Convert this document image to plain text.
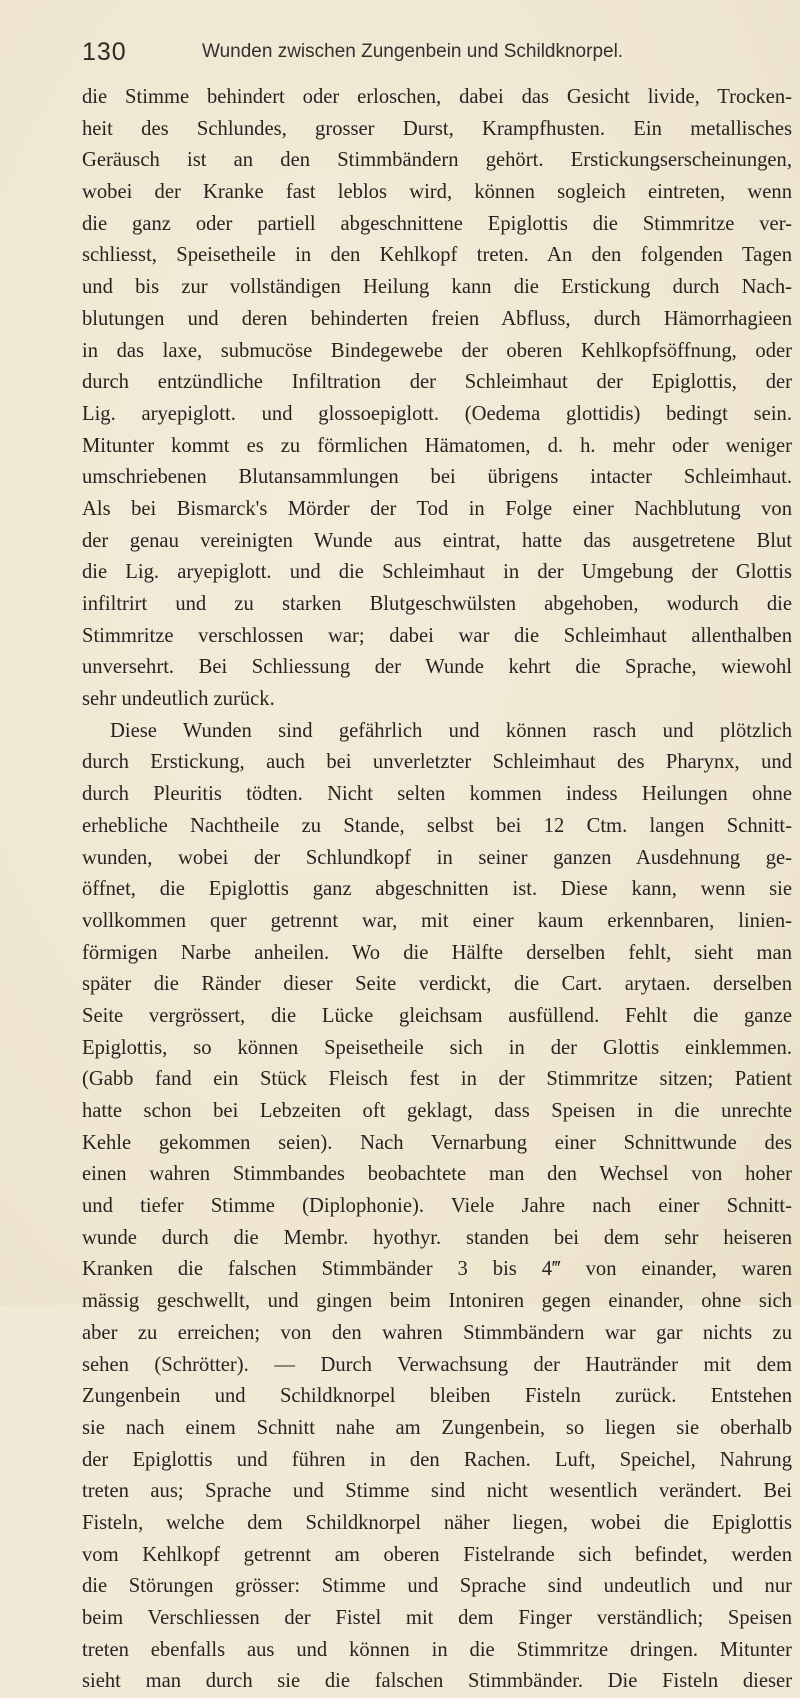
130	Wunden zwischen Zungenbein und Schildknorpel.
die Stimme behindert oder erloschen, dabei das Gesicht livide, Trocken-
heit des Schlundes, grosser Durst, Krampfhusten. Ein metallisches
Geräusch ist an den Stimmbändern gehört. Erstickungserscheinungen,
wobei der Kranke fast leblos wird, können sogleich eintreten, wenn
die ganz oder partiell abgeschnittene Epiglottis die Stimmritze ver-
schliesst, Speisetheile in den Kehlkopf treten. An den folgenden Tagen
und bis zur vollständigen Heilung kann die Erstickung durch Nach-
blutungen und deren behinderten freien Abfluss, durch Hämorrhagieen
in das laxe, submucöse Bindegewebe der oberen Kehlkopfsöffnung, oder
durch entzündliche Infiltration der Schleimhaut der Epiglottis, der
Lig. aryepiglott. und glossoepiglott. (Oedema glottidis) bedingt sein.
Mitunter kommt es zu förmlichen Hämatomen, d. h. mehr oder weniger
umschriebenen Blutansammlungen bei übrigens intacter Schleimhaut.
Als bei Bismarck's Mörder der Tod in Folge einer Nachblutung von
der genau vereinigten Wunde aus eintrat, hatte das ausgetretene Blut
die Lig. aryepiglott. und die Schleimhaut in der Umgebung der Glottis
infiltrirt und zu starken Blutgeschwülsten abgehoben, wodurch die
Stimmritze verschlossen war; dabei war die Schleimhaut allenthalben
unversehrt. Bei Schliessung der Wunde kehrt die Sprache, wiewohl
sehr undeutlich zurück.
Diese Wunden sind gefährlich und können rasch und plötzlich
durch Erstickung, auch bei unverletzter Schleimhaut des Pharynx, und
durch Pleuritis tödten. Nicht selten kommen indess Heilungen ohne
erhebliche Nachtheile zu Stande, selbst bei 12 Ctm. langen Schnitt-
wunden, wobei der Schlundkopf in seiner ganzen Ausdehnung ge-
öffnet, die Epiglottis ganz abgeschnitten ist. Diese kann, wenn sie
vollkommen quer getrennt war, mit einer kaum erkennbaren, linien-
förmigen Narbe anheilen. Wo die Hälfte derselben fehlt, sieht man
später die Ränder dieser Seite verdickt, die Cart. arytaen. derselben
Seite vergrössert, die Lücke gleichsam ausfüllend. Fehlt die ganze
Epiglottis, so können Speisetheile sich in der Glottis einklemmen.
(Gabb fand ein Stück Fleisch fest in der Stimmritze sitzen; Patient
hatte schon bei Lebzeiten oft geklagt, dass Speisen in die unrechte
Kehle gekommen seien). Nach Vernarbung einer Schnittwunde des
einen wahren Stimmbandes beobachtete man den Wechsel von hoher
und tiefer Stimme (Diplophonie). Viele Jahre nach einer Schnitt-
wunde durch die Membr. hyothyr. standen bei dem sehr heiseren
Kranken die falschen Stimmbänder 3 bis 4‴ von einander, waren
mässig geschwellt, und gingen beim Intoniren gegen einander, ohne sich
aber zu erreichen; von den wahren Stimmbändern war gar nichts zu
sehen (Schrötter). — Durch Verwachsung der Hautränder mit dem
Zungenbein und Schildknorpel bleiben Fisteln zurück. Entstehen
sie nach einem Schnitt nahe am Zungenbein, so liegen sie oberhalb
der Epiglottis und führen in den Rachen. Luft, Speichel, Nahrung
treten aus; Sprache und Stimme sind nicht wesentlich verändert. Bei
Fisteln, welche dem Schildknorpel näher liegen, wobei die Epiglottis
vom Kehlkopf getrennt am oberen Fistelrande sich befindet, werden
die Störungen grösser: Stimme und Sprache sind undeutlich und nur
beim Verschliessen der Fistel mit dem Finger verständlich; Speisen
treten ebenfalls aus und können in die Stimmritze dringen. Mitunter
sieht man durch sie die falschen Stimmbänder. Die Fisteln dieser
